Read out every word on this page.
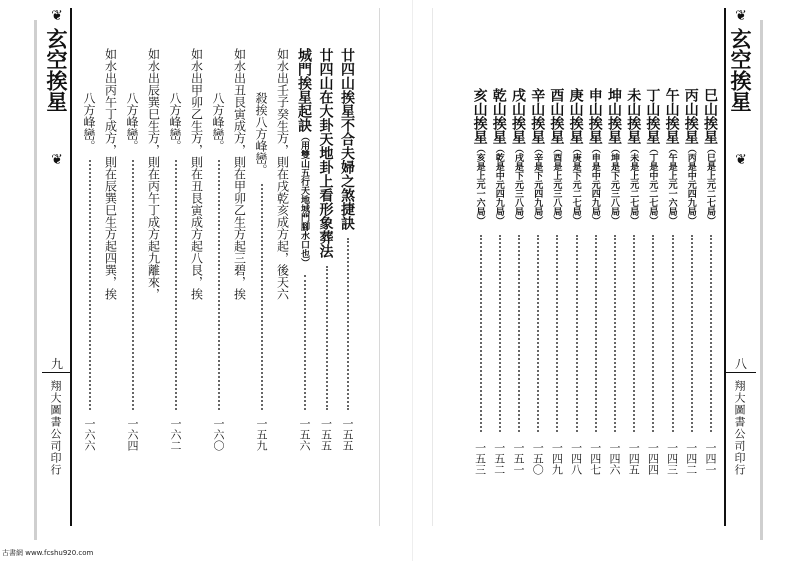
❦
玄空挨星
❦
九
翔大圖書公司印行
廿四山挨星不合夫婦之煞捷訣
一五五
廿四山在大卦天地卦上看形象葬法
一五五
城門挨星起訣（用雙山五行天地城門腳水口也）
一五六
如水出壬子癸生方，則在戌乾亥成方起，後天六
　　殺挨八方峰巒。
一五九
如水出丑艮寅成方，則在甲卯乙生方起三碧，挨
　　八方峰巒。
一六〇
如水出甲卯乙生方，則在丑艮寅成方起八艮，挨
　　八方峰巒。
一六二
如水出辰巽巳生方，則在丙午丁成方起九離來，
　　八方峰巒。
一六四
如水出丙午丁成方，則在辰巽巳生方起四巽，挨
　　八方峰巒。
一六六
❦
玄空挨星
❦
八
翔大圖書公司印行
巳山挨星（巳是上元二七局）
一四一
丙山挨星（丙是中元四九局）
一四二
午山挨星（午是上元一六局）
一四三
丁山挨星（丁是中元二七局）
一四四
未山挨星（未是上元二七局）
一四五
坤山挨星（坤是下元三八局）
一四六
申山挨星（申是中元四九局）
一四七
庚山挨星（庚是下元二七局）
一四八
酉山挨星（酉是上元三八局）
一四九
辛山挨星（辛是下元四九局）
一五〇
戌山挨星（戌是下元三八局）
一五一
乾山挨星（乾是中元四九局）
一五二
亥山挨星（亥是上元一六局）
一五三
古書網 www.fcshu920.com
